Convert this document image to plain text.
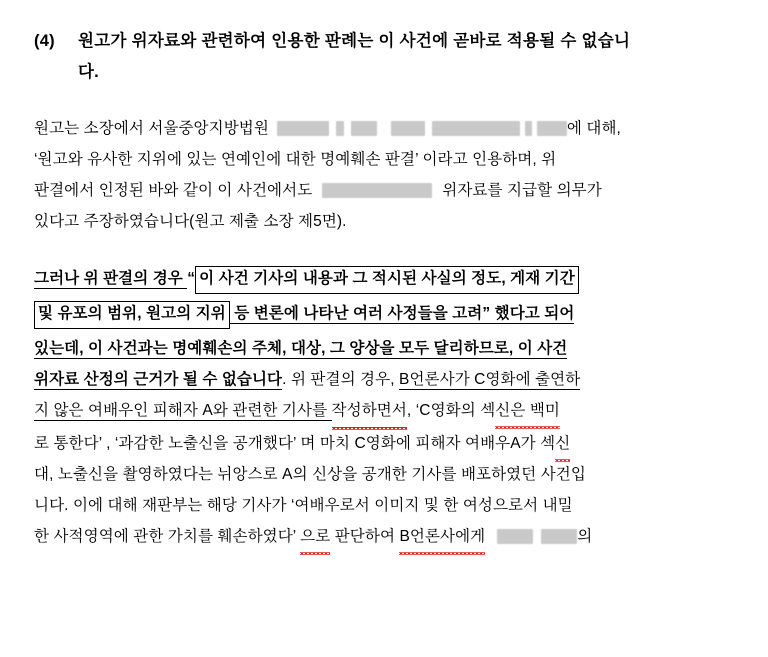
(4)	원고가 위자료와 관련하여 인용한 판례는 이 사건에 곧바로 적용될 수 없습니
다.
원고는 소장에서 서울중앙지방법원	에 대해,
‘원고와 유사한 지위에 있는 연예인에 대한 명예훼손 판결’ 이라고 인용하며, 위
판결에서 인정된 바와 같이 이 사건에서도	위자료를 지급할 의무가
있다고 주장하였습니다(원고 제출 소장 제5면).
그러나 위 판결의 경우 “ 이 사건 기사의 내용과 그 적시된 사실의 정도, 게재 기간
및 유포의 범위, 원고의 지위 등 변론에 나타난 여러 사정들을 고려” 했다고 되어
있는데, 이 사건과는 명예훼손의 주체, 대상, 그 양상을 모두 달리하므로, 이 사건
위자료 산정의 근거가 될 수 없습니다. 위 판결의 경우, B언론사가 C영화에 출연하
지 않은 여배우인 피해자 A와 관련한 기사를 작성하면서, ‘C영화의 섹신은 백미
로 통한다’ , ‘과감한 노출신을 공개했다’ 며 마치 C영화에 피해자 여배우A가 섹신
대, 노출신을 촬영하였다는 뉘앙스로 A의 신상을 공개한 기사를 배포하였던 사건입
니다. 이에 대해 재판부는 해당 기사가 ‘여배우로서 이미지 및 한 여성으로서 내밀
한 사적영역에 관한 가치를 훼손하였다’ 으로 판단하여 B언론사에게	의
